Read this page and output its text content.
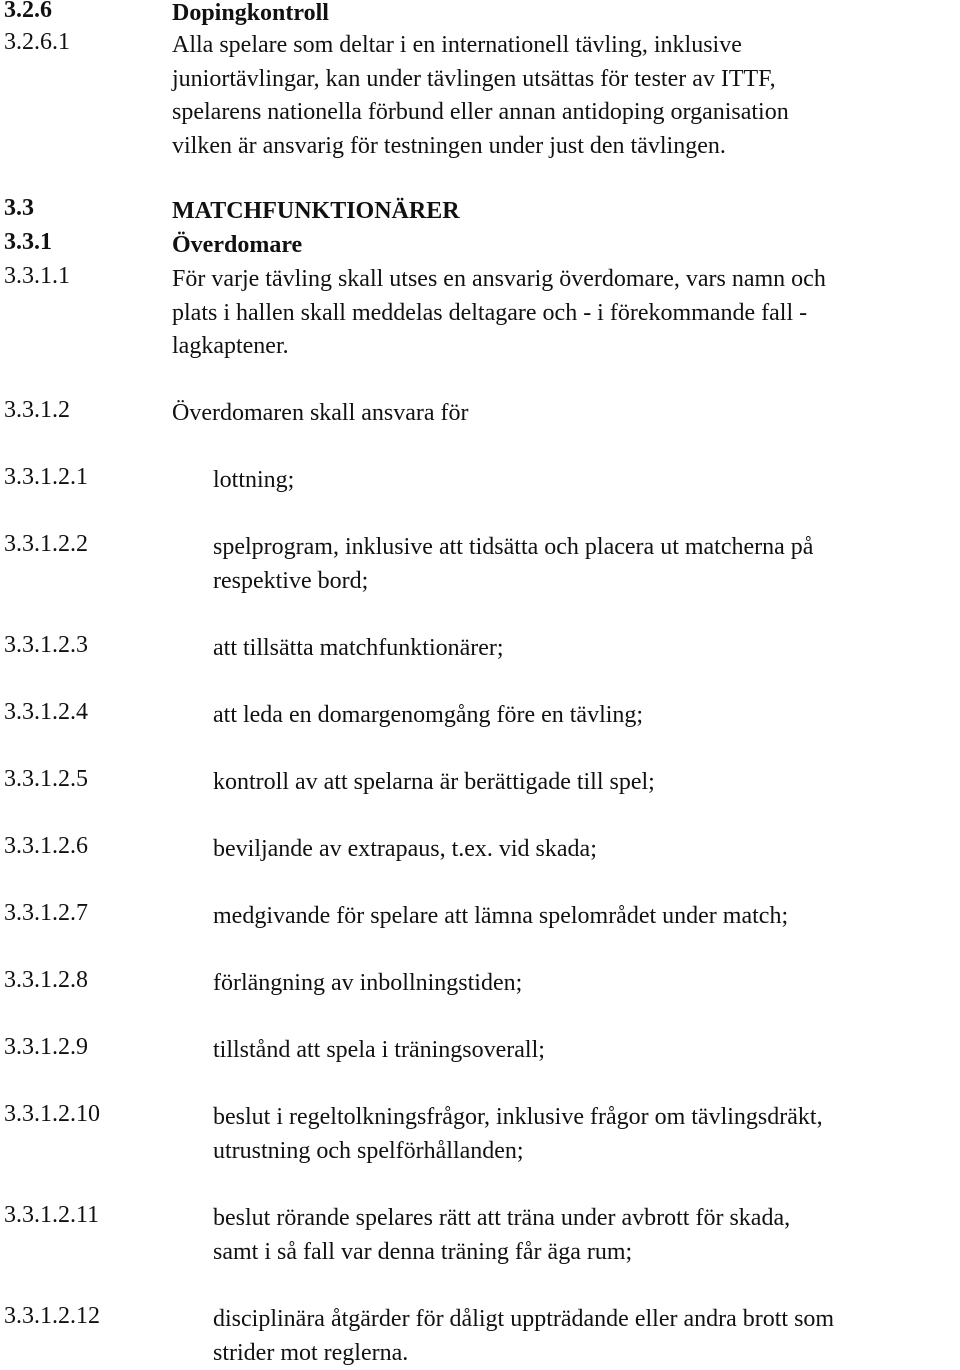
3.2.6	Dopingkontroll
3.2.6.1	Alla spelare som deltar i en internationell tävling, inklusive
juniortävlingar, kan under tävlingen utsättas för tester av ITTF,
spelarens nationella förbund eller annan antidoping organisation
vilken är ansvarig för testningen under just den tävlingen.
3.3	MATCHFUNKTIONÄRER
3.3.1	Överdomare
3.3.1.1	För varje tävling skall utses en ansvarig överdomare, vars namn och
plats i hallen skall meddelas deltagare och - i förekommande fall -
lagkaptener.
3.3.1.2	Överdomaren skall ansvara för
3.3.1.2.1	lottning;
3.3.1.2.2	spelprogram, inklusive att tidsätta och placera ut matcherna på
respektive bord;
3.3.1.2.3	att tillsätta matchfunktionärer;
3.3.1.2.4	att leda en domargenomgång före en tävling;
3.3.1.2.5	kontroll av att spelarna är berättigade till spel;
3.3.1.2.6	beviljande av extrapaus, t.ex. vid skada;
3.3.1.2.7	medgivande för spelare att lämna spelområdet under match;
3.3.1.2.8	förlängning av inbollningstiden;
3.3.1.2.9	tillstånd att spela i träningsoverall;
3.3.1.2.10	beslut i regeltolkningsfrågor, inklusive frågor om tävlingsdräkt,
utrustning och spelförhållanden;
3.3.1.2.11	beslut rörande spelares rätt att träna under avbrott för skada,
samt i så fall var denna träning får äga rum;
3.3.1.2.12	disciplinära åtgärder för dåligt uppträdande eller andra brott som
strider mot reglerna.
